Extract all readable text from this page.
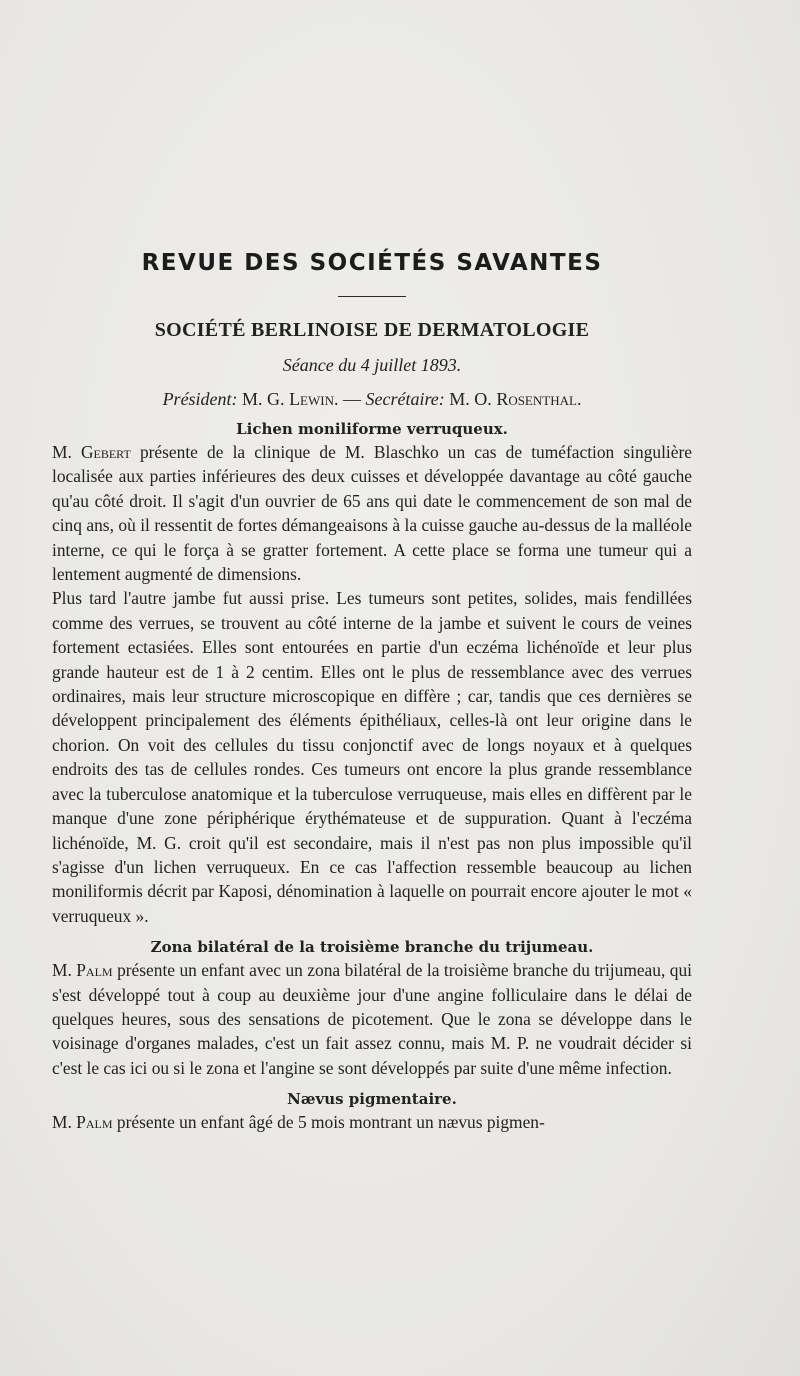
REVUE DES SOCIÉTÉS SAVANTES
SOCIÉTÉ BERLINOISE DE DERMATOLOGIE
Séance du 4 juillet 1893.
Président: M. G. Lewin. — Secrétaire: M. O. Rosenthal.
Lichen moniliforme verruqueux.

M. Gebert présente de la clinique de M. Blaschko un cas de tuméfaction singulière localisée aux parties inférieures des deux cuisses et développée davantage au côté gauche qu'au côté droit. Il s'agit d'un ouvrier de 65 ans qui date le commencement de son mal de cinq ans, où il ressentit de fortes démangeaisons à la cuisse gauche au-dessus de la malléole interne, ce qui le força à se gratter fortement. A cette place se forma une tumeur qui a lentement augmenté de dimensions.

Plus tard l'autre jambe fut aussi prise. Les tumeurs sont petites, solides, mais fendillées comme des verrues, se trouvent au côté interne de la jambe et suivent le cours de veines fortement ectasiées. Elles sont entourées en partie d'un eczéma lichénoïde et leur plus grande hauteur est de 1 à 2 centim. Elles ont le plus de ressemblance avec des verrues ordinaires, mais leur structure microscopique en diffère ; car, tandis que ces dernières se développent principalement des éléments épithéliaux, celles-là ont leur origine dans le chorion. On voit des cellules du tissu conjonctif avec de longs noyaux et à quelques endroits des tas de cellules rondes. Ces tumeurs ont encore la plus grande ressemblance avec la tuberculose anatomique et la tuberculose verruqueuse, mais elles en diffèrent par le manque d'une zone périphérique érythémateuse et de suppuration. Quant à l'eczéma lichénoïde, M. G. croit qu'il est secondaire, mais il n'est pas non plus impossible qu'il s'agisse d'un lichen verruqueux. En ce cas l'affection ressemble beaucoup au lichen moniliformis décrit par Kaposi, dénomination à laquelle on pourrait encore ajouter le mot « verruqueux ».

Zona bilatéral de la troisième branche du trijumeau.

M. Palm présente un enfant avec un zona bilatéral de la troisième branche du trijumeau, qui s'est développé tout à coup au deuxième jour d'une angine folliculaire dans le délai de quelques heures, sous des sensations de picotement. Que le zona se développe dans le voisinage d'organes malades, c'est un fait assez connu, mais M. P. ne voudrait décider si c'est le cas ici ou si le zona et l'angine se sont développés par suite d'une même infection.

Nævus pigmentaire.

M. Palm présente un enfant âgé de 5 mois montrant un nævus pigmen-
